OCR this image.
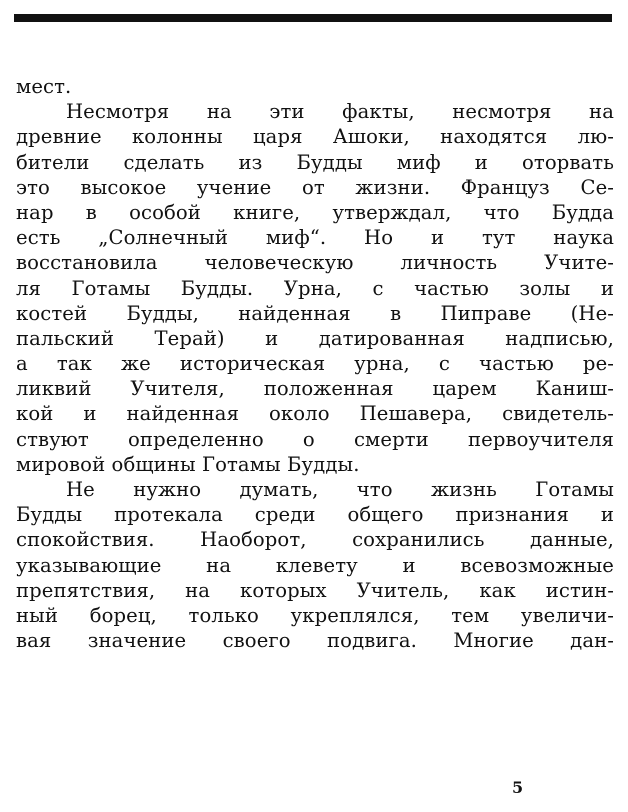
мест.
Несмотря на эти факты, несмотря на
древние колонны царя Ашоки, находятся лю-
бители сделать из Будды миф и оторвать
это высокое учение от жизни. Француз Се-
нар в особой книге, утверждал, что Будда
есть „Солнечный миф“. Но и тут наука
восстановила человеческую личность Учите-
ля Готамы Будды. Урна, с частью золы и
костей Будды, найденная в Пиправе (Не-
пальский Терай) и датированная надписью,
а так же историческая урна, с частью ре-
ликвий Учителя, положенная царем Каниш-
кой и найденная около Пешавера, свидетель-
ствуют определенно о смерти первоучителя
мировой общины Готамы Будды.
Не нужно думать, что жизнь Готамы
Будды протекала среди общего признания и
спокойствия. Наоборот, сохранились данные,
указывающие на клевету и всевозможные
препятствия, на которых Учитель, как истин-
ный борец, только укреплялся, тем увеличи-
вая значение своего подвига. Многие дан-
5
